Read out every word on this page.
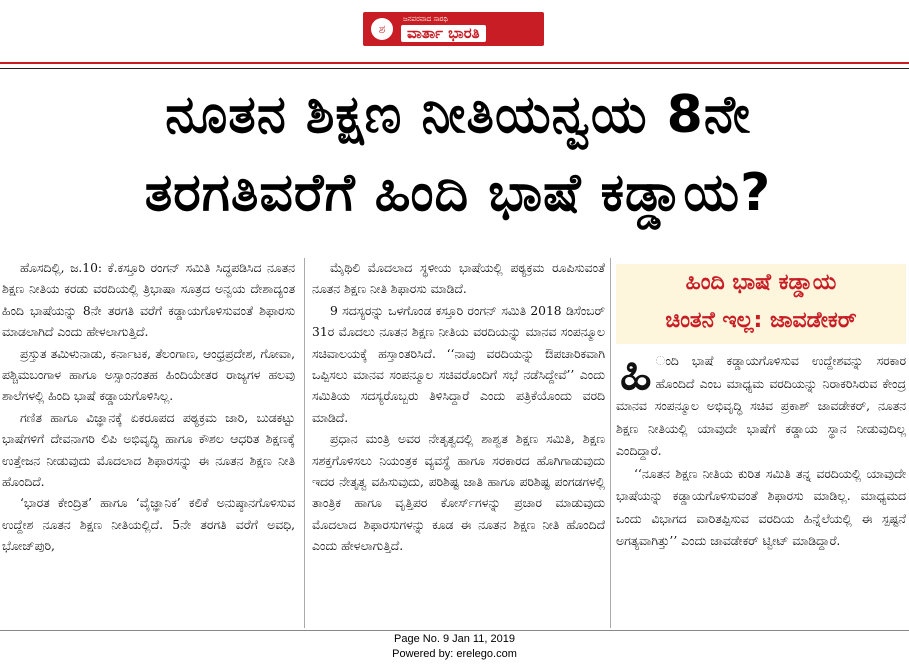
ಶ
ಜನಪರವಾದ ಸಾರಥಿ
ವಾರ್ತಾ ಭಾರತಿ
ನೂತನ ಶಿಕ್ಷಣ ನೀತಿಯನ್ವಯ 8ನೇ
ತರಗತಿವರೆಗೆ ಹಿಂದಿ ಭಾಷೆ ಕಡ್ಡಾಯ?

ಹೊಸದಿಲ್ಲಿ, ಜ.10: ಕೆ.ಕಸ್ತೂರಿ ರಂಗನ್ ಸಮಿತಿ ಸಿದ್ಧಪಡಿಸಿದ ನೂತನ ಶಿಕ್ಷಣ ನೀತಿಯ ಕರಡು ವರದಿಯಲ್ಲಿ ತ್ರಿಭಾಷಾ ಸೂತ್ರದ ಅನ್ವಯ ದೇಶಾದ್ಯಂತ ಹಿಂದಿ ಭಾಷೆಯನ್ನು 8ನೇ ತರಗತಿ ವರೆಗೆ ಕಡ್ಡಾಯಗೊಳಿಸುವಂತೆ ಶಿಫಾರಸು ಮಾಡಲಾಗಿದೆ ಎಂದು ಹೇಳಲಾಗುತ್ತಿದೆ.

ಪ್ರಸ್ತುತ ತಮಿಳುನಾಡು, ಕರ್ನಾಟಕ, ತೆಲಂಗಾಣ, ಆಂಧ್ರಪ್ರದೇಶ, ಗೋವಾ, ಪಶ್ಚಿಮಬಂಗಾಳ ಹಾಗೂ ಅಸ್ಸಾಂನಂತಹ ಹಿಂದಿಯೇತರ ರಾಜ್ಯಗಳ ಹಲವು ಶಾಲೆಗಳಲ್ಲಿ ಹಿಂದಿ ಭಾಷೆ ಕಡ್ಡಾಯಗೊಳಿಸಿಲ್ಲ.

ಗಣಿತ ಹಾಗೂ ವಿಜ್ಞಾನಕ್ಕೆ ಏಕರೂಪದ ಪಠ್ಯಕ್ರಮ ಜಾರಿ, ಬುಡಕಟ್ಟು ಭಾಷೆಗಳಿಗೆ ದೇವನಾಗರಿ ಲಿಪಿ ಅಭಿವೃದ್ಧಿ ಹಾಗೂ ಕೌಶಲ ಆಧರಿತ ಶಿಕ್ಷಣಕ್ಕೆ ಉತ್ತೇಜನ ನೀಡುವುದು ಮೊದಲಾದ ಶಿಫಾರಸನ್ನು ಈ ನೂತನ ಶಿಕ್ಷಣ ನೀತಿ ಹೊಂದಿದೆ.

‘ಭಾರತ ಕೇಂದ್ರಿತ’ ಹಾಗೂ ‘ವೈಜ್ಞಾನಿಕ’ ಕಲಿಕೆ ಅನುಷ್ಠಾನಗೊಳಿಸುವ ಉದ್ದೇಶ ನೂತನ ಶಿಕ್ಷಣ ನೀತಿಯಲ್ಲಿದೆ. 5ನೇ ತರಗತಿ ವರೆಗೆ ಅವಧಿ, ಭೋಜ್‌ಪುರಿ,

ಮೈಥಿಲಿ ಮೊದಲಾದ ಸ್ಥಳೀಯ ಭಾಷೆಯಲ್ಲಿ ಪಠ್ಯಕ್ರಮ ರೂಪಿಸುವಂತೆ ನೂತನ ಶಿಕ್ಷಣ ನೀತಿ ಶಿಫಾರಸು ಮಾಡಿದೆ.

9 ಸದಸ್ಯರನ್ನು ಒಳಗೊಂಡ ಕಸ್ತೂರಿ ರಂಗನ್ ಸಮಿತಿ 2018 ಡಿಸೆಂಬರ್ 31ರ ಮೊದಲು ನೂತನ ಶಿಕ್ಷಣ ನೀತಿಯ ವರದಿಯನ್ನು ಮಾನವ ಸಂಪನ್ಮೂಲ ಸಚಿವಾಲಯಕ್ಕೆ ಹಸ್ತಾಂತರಿಸಿದೆ. ‘‘ನಾವು ವರದಿಯನ್ನು ಔಪಚಾರಿಕವಾಗಿ ಒಪ್ಪಿಸಲು ಮಾನವ ಸಂಪನ್ಮೂಲ ಸಚಿವರೊಂದಿಗೆ ಸಭೆ ನಡೆಸಿದ್ದೇವೆ’’ ಎಂದು ಸಮಿತಿಯ ಸದಸ್ಯರೊಬ್ಬರು ತಿಳಿಸಿದ್ದಾರೆ ಎಂದು ಪತ್ರಿಕೆಯೊಂದು ವರದಿ ಮಾಡಿದೆ.

ಪ್ರಧಾನ ಮಂತ್ರಿ ಅವರ ನೇತೃತ್ವದಲ್ಲಿ ಶಾಶ್ವತ ಶಿಕ್ಷಣ ಸಮಿತಿ, ಶಿಕ್ಷಣ ಸಶಕ್ತಗೊಳಿಸಲು ನಿಯಂತ್ರಕ ವ್ಯವಸ್ಥೆ ಹಾಗೂ ಸರಕಾರದ ಹೊಗಿಗಾಡುವುದು ಇದರ ನೇತೃತ್ವ ವಹಿಸುವುದು, ಪರಿಶಿಷ್ಟ ಜಾತಿ ಹಾಗೂ ಪರಿಶಿಷ್ಟ ಪಂಗಡಗಳಲ್ಲಿ ತಾಂತ್ರಿಕ ಹಾಗೂ ವೃತ್ತಿಪರ ಕೋರ್ಸ್‌ಗಳನ್ನು ಪ್ರಚಾರ ಮಾಡುವುದು ಮೊದಲಾದ ಶಿಫಾರಸುಗಳನ್ನು ಕೂಡ ಈ ನೂತನ ಶಿಕ್ಷಣ ನೀತಿ ಹೊಂದಿದೆ ಎಂದು ಹೇಳಲಾಗುತ್ತಿದೆ.

ಹಿಂದಿ ಭಾಷೆ ಕಡ್ಡಾಯ
ಚಿಂತನೆ ಇಲ್ಲ: ಜಾವಡೇಕರ್

ಹಿ ಂದಿ ಭಾಷೆ ಕಡ್ಡಾಯಗೊಳಿಸುವ ಉದ್ದೇಶವನ್ನು ಸರಕಾರ ಹೊಂದಿದೆ ಎಂಬ ಮಾಧ್ಯಮ ವರದಿಯನ್ನು ನಿರಾಕರಿಸಿರುವ ಕೇಂದ್ರ ಮಾನವ ಸಂಪನ್ಮೂಲ ಅಭಿವೃದ್ಧಿ ಸಚಿವ ಪ್ರಕಾಶ್ ಜಾವಡೇಕರ್, ನೂತನ ಶಿಕ್ಷಣ ನೀತಿಯಲ್ಲಿ ಯಾವುದೇ ಭಾಷೆಗೆ ಕಡ್ಡಾಯ ಸ್ಥಾನ ನೀಡುವುದಿಲ್ಲ ಎಂದಿದ್ದಾರೆ.

‘‘ನೂತನ ಶಿಕ್ಷಣ ನೀತಿಯ ಕುರಿತ ಸಮಿತಿ ತನ್ನ ವರದಿಯಲ್ಲಿ ಯಾವುದೇ ಭಾಷೆಯನ್ನು ಕಡ್ಡಾಯಗೊಳಿಸುವಂತೆ ಶಿಫಾರಸು ಮಾಡಿಲ್ಲ. ಮಾಧ್ಯಮದ ಒಂದು ವಿಭಾಗದ ವಾರಿತಪ್ಪಿಸುವ ವರದಿಯ ಹಿನ್ನೆಲೆಯಲ್ಲಿ ಈ ಸ್ಪಷ್ಟನೆ ಅಗತ್ಯವಾಗಿತ್ತು’’ ಎಂದು ಜಾವಡೇಕರ್ ಟ್ವೀಟ್ ಮಾಡಿದ್ದಾರೆ.

Page No. 9 Jan 11, 2019
Powered by: erelego.com
